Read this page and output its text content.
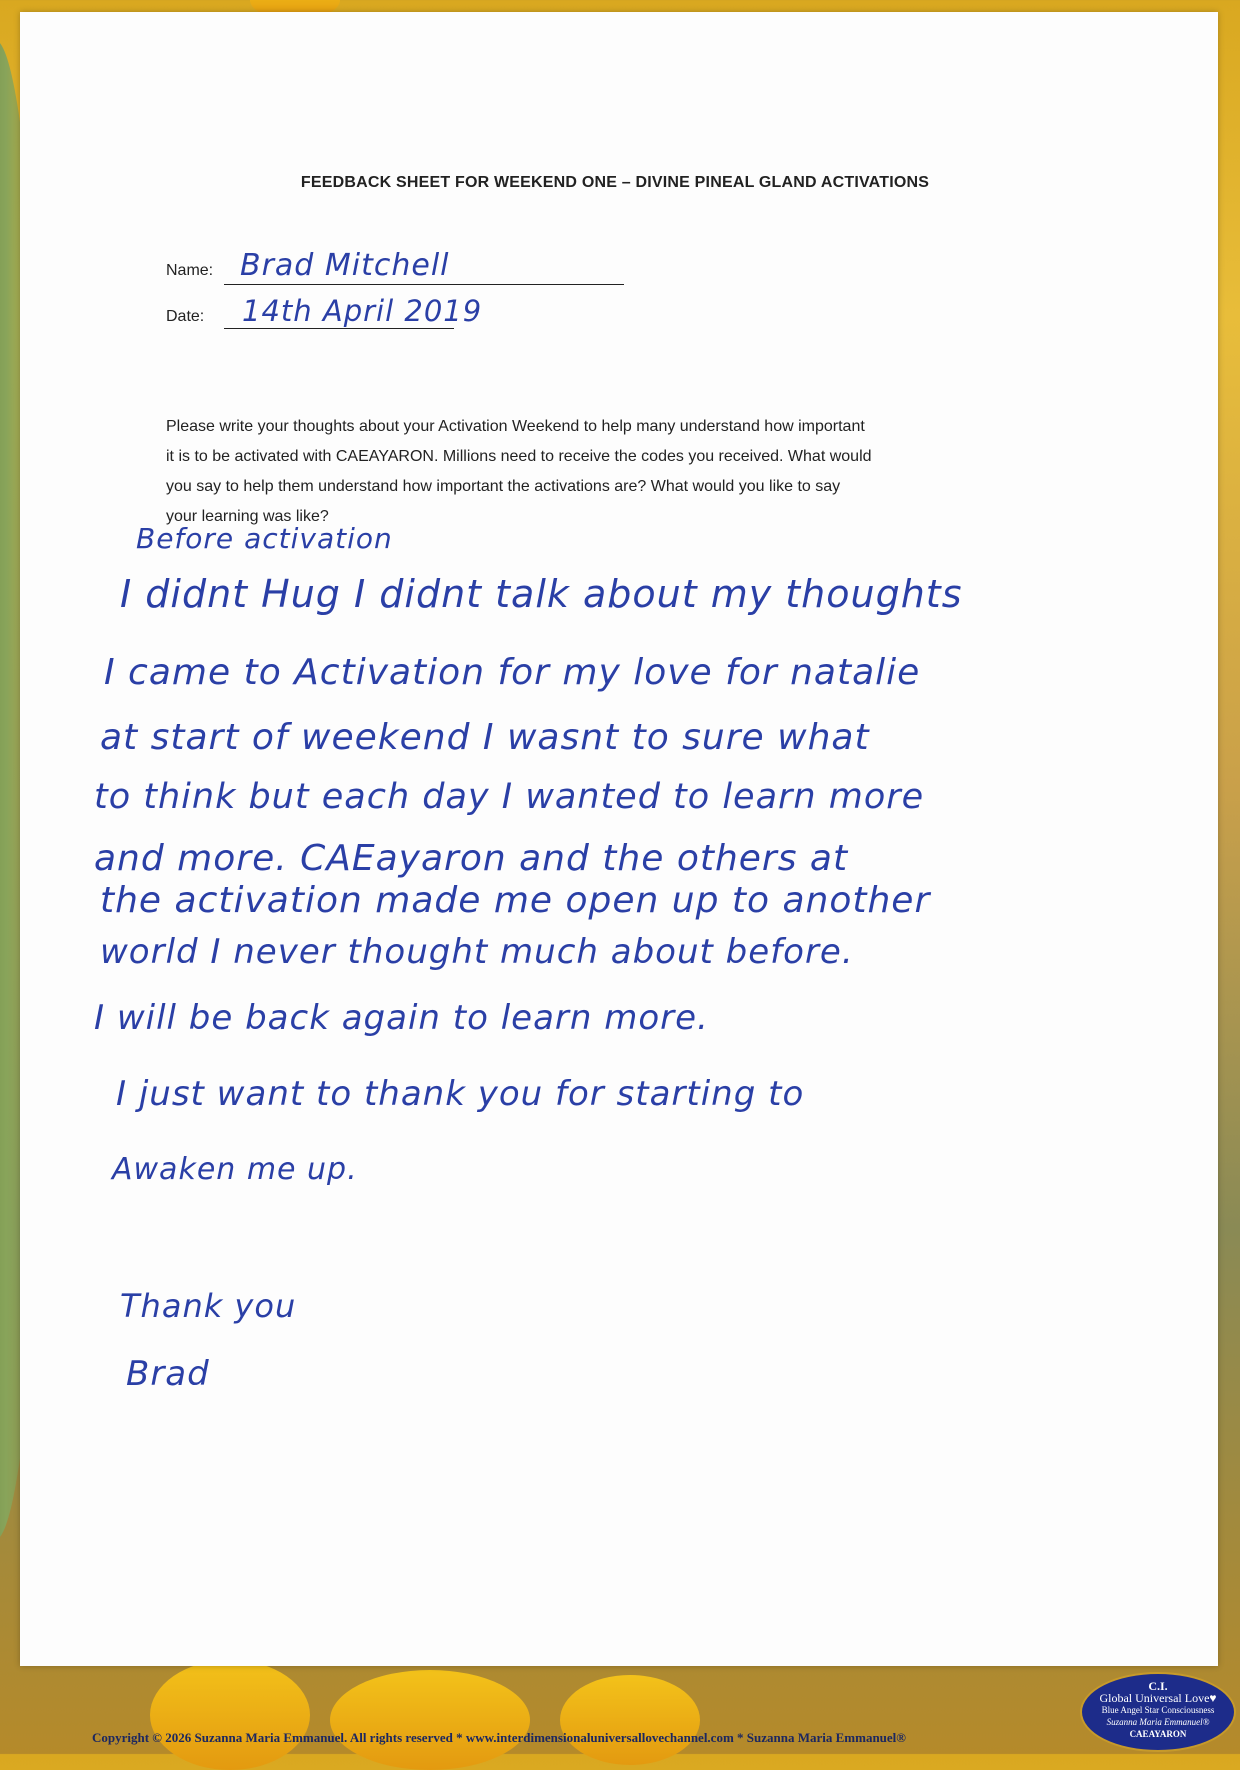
FEEDBACK SHEET FOR WEEKEND ONE – DIVINE PINEAL GLAND ACTIVATIONS
Name: Brad Mitchell
Date: 14th April 2019
Please write your thoughts about your Activation Weekend to help many understand how important
it is to be activated with CAEAYARON. Millions need to receive the codes you received. What would
you say to help them understand how important the activations are? What would you like to say
your learning was like?
Before activation
I didnt Hug I didnt talk about my thoughts
I came to Activation for my love for natalie
at start of weekend I wasnt to sure what
to think but each day I wanted to learn more
and more. CAEayaron and the others at
the activation made me open up to another
world I never thought much about before.
I will be back again to learn more.
I just want to thank you for starting to
Awaken me up.
Thank you
Brad
Copyright © 2026 Suzanna Maria Emmanuel. All rights reserved * www.interdimensionaluniversallovechannel.com * Suzanna Maria Emmanuel®
C.I.
Global Universal Love♥
Blue Angel Star Consciousness
Suzanna Maria Emmanuel®
CAEAYARON
